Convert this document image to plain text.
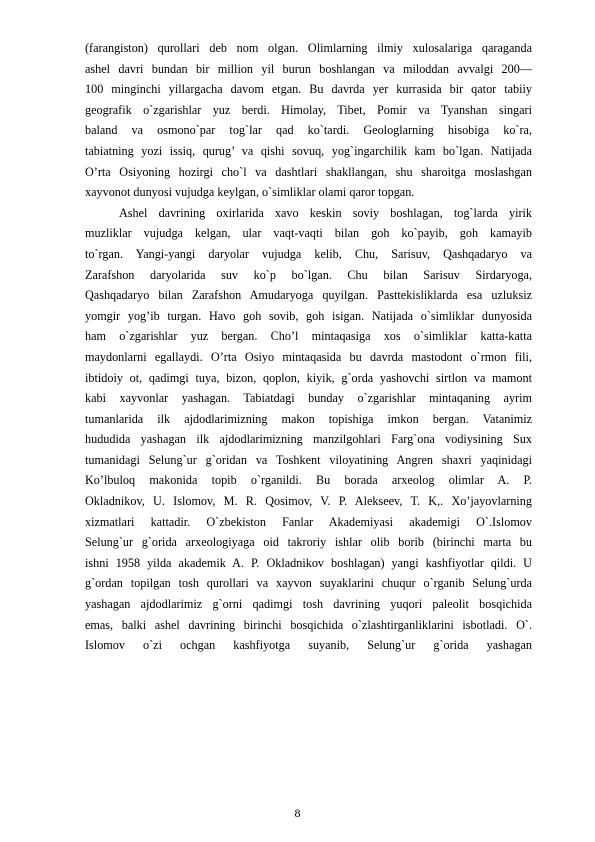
(farangiston) qurollari deb nom olgan. Olimlarning ilmiy xulosalariga qaraganda
ashel davri bundan bir million yil burun boshlangan va miloddan avvalgi 200—
100 minginchi yillargacha davom etgan. Bu davrda yer kurrasida bir qator tabiiy
geografik o`zgarishlar yuz berdi. Himolay, Tibet, Pomir va Tyanshan singari
baland va osmono`par tog`lar qad ko`tardi. Geologlarning hisobiga ko`ra,
tabiatning yozi issiq, qurug’ va qishi sovuq, yog`ingarchilik kam bo`lgan. Natijada
O’rta Osiyoning hozirgi cho`l va dashtlari shakllangan, shu sharoitga moslashgan
xayvonot dunyosi vujudga keylgan, o`simliklar olami qaror topgan.
Ashel davrining oxirlarida xavo keskin soviy boshlagan, tog`larda yirik
muzliklar vujudga kelgan, ular vaqt-vaqti bilan goh ko`payib, goh kamayib
to`rgan. Yangi-yangi daryolar vujudga kelib, Chu, Sarisuv, Qashqadaryo va
Zarafshon daryolarida suv ko`p bo`lgan. Chu bilan Sarisuv Sirdaryoga,
Qashqadaryo bilan Zarafshon Amudaryoga quyilgan. Pasttekisliklarda esa uzluksiz
yomgir yog’ib turgan. Havo goh sovib, goh isigan. Natijada o`simliklar dunyosida
ham o`zgarishlar yuz bergan. Cho’l mintaqasiga xos o`simliklar katta-katta
maydonlarni egallaydi. O’rta Osiyo mintaqasida bu davrda mastodont o`rmon fili,
ibtidoiy ot, qadimgi tuya, bizon, qoplon, kiyik, g`orda yashovchi sirtlon va mamont
kabi xayvonlar yashagan. Tabiatdagi bunday o`zgarishlar mintaqaning ayrim
tumanlarida ilk ajdodlarimizning makon topishiga imkon bergan. Vatanimiz
hududida yashagan ilk ajdodlarimizning manzilgohlari Farg`ona vodiysining Sux
tumanidagi Selung`ur g`oridan va Toshkent viloyatining Angren shaxri yaqinidagi
Ko’lbuloq makonida topib o`rganildi. Bu borada arxeolog olimlar A. P.
Okladnikov, U. Islomov, M. R. Qosimov, V. P. Alekseev, T. K,. Xo’jayovlarning
xizmatlari kattadir. O`zbekiston Fanlar Akademiyasi akademigi O`.Islomov
Selung`ur g`orida arxeologiyaga oid takroriy ishlar olib borib (birinchi marta bu
ishni 1958 yilda akademik A. P. Okladnikov boshlagan) yangi kashfiyotlar qildi. U
g`ordan topilgan tosh qurollari va xayvon suyaklarini chuqur o`rganib Selung`urda
yashagan ajdodlarimiz g`orni qadimgi tosh davrining yuqori paleolit bosqichida
emas, balki ashel davrining birinchi bosqichida o`zlashtirganliklarini isbotladi. O`.
Islomov o`zi ochgan kashfiyotga suyanib, Selung`ur g`orida yashagan
8
